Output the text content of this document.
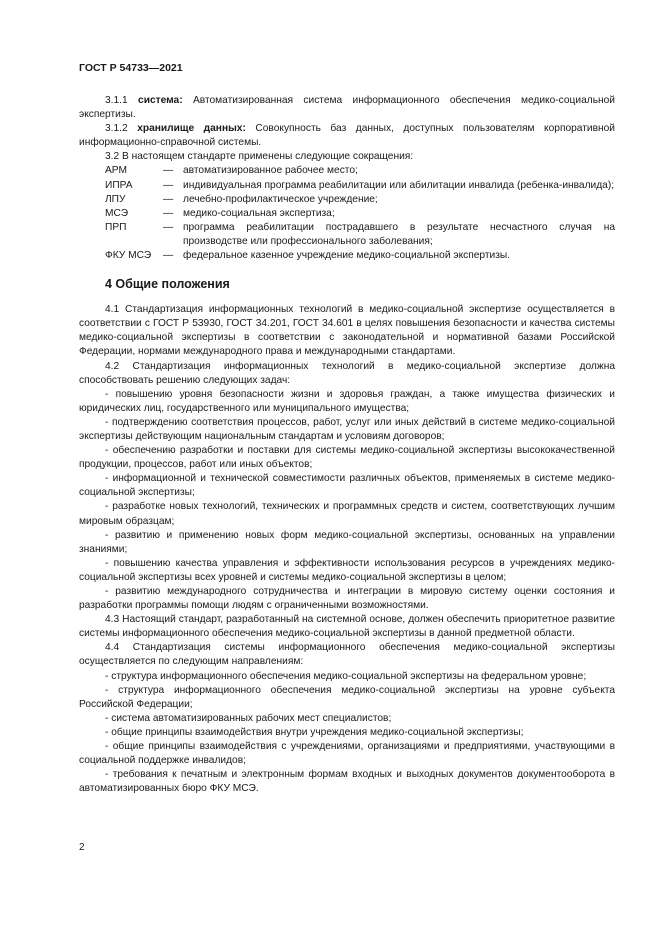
ГОСТ Р 54733—2021

3.1.1 система: Автоматизированная система информационного обеспечения медико-социальной экспертизы.

3.1.2 хранилище данных: Совокупность баз данных, доступных пользователям корпоративной информационно-справочной системы.

3.2 В настоящем стандарте применены следующие сокращения:

АРМ	— автоматизированное рабочее место;
ИПРА	— индивидуальная программа реабилитации или абилитации инвалида (ребенка-инвалида);
ЛПУ	— лечебно-профилактическое учреждение;
МСЭ	— медико-социальная экспертиза;
ПРП	— программа реабилитации пострадавшего в результате несчастного случая на производстве или профессионального заболевания;
ФКУ МСЭ	— федеральное казенное учреждение медико-социальной экспертизы.
4 Общие положения

4.1 Стандартизация информационных технологий в медико-социальной экспертизе осуществляется в соответствии с ГОСТ Р 53930, ГОСТ 34.201, ГОСТ 34.601 в целях повышения безопасности и качества системы медико-социальной экспертизы в соответствии с законодательной и нормативной базами Российской Федерации, нормами международного права и международными стандартами.

4.2 Стандартизация информационных технологий в медико-социальной экспертизе должна способствовать решению следующих задач:

- повышению уровня безопасности жизни и здоровья граждан, а также имущества физических и юридических лиц, государственного или муниципального имущества;

- подтверждению соответствия процессов, работ, услуг или иных действий в системе медико-социальной экспертизы действующим национальным стандартам и условиям договоров;

- обеспечению разработки и поставки для системы медико-социальной экспертизы высококачественной продукции, процессов, работ или иных объектов;

- информационной и технической совместимости различных объектов, применяемых в системе медико-социальной экспертизы;

- разработке новых технологий, технических и программных средств и систем, соответствующих лучшим мировым образцам;

- развитию и применению новых форм медико-социальной экспертизы, основанных на управлении знаниями;

- повышению качества управления и эффективности использования ресурсов в учреждениях медико-социальной экспертизы всех уровней и системы медико-социальной экспертизы в целом;

- развитию международного сотрудничества и интеграции в мировую систему оценки состояния и разработки программы помощи людям с ограниченными возможностями.

4.3 Настоящий стандарт, разработанный на системной основе, должен обеспечить приоритетное развитие системы информационного обеспечения медико-социальной экспертизы в данной предметной области.

4.4 Стандартизация системы информационного обеспечения медико-социальной экспертизы осуществляется по следующим направлениям:

- структура информационного обеспечения медико-социальной экспертизы на федеральном уровне;

- структура информационного обеспечения медико-социальной экспертизы на уровне субъекта Российской Федерации;

- система автоматизированных рабочих мест специалистов;

- общие принципы взаимодействия внутри учреждения медико-социальной экспертизы;

- общие принципы взаимодействия с учреждениями, организациями и предприятиями, участвующими в социальной поддержке инвалидов;

- требования к печатным и электронным формам входных и выходных документов документооборота в автоматизированных бюро ФКУ МСЭ.

2
